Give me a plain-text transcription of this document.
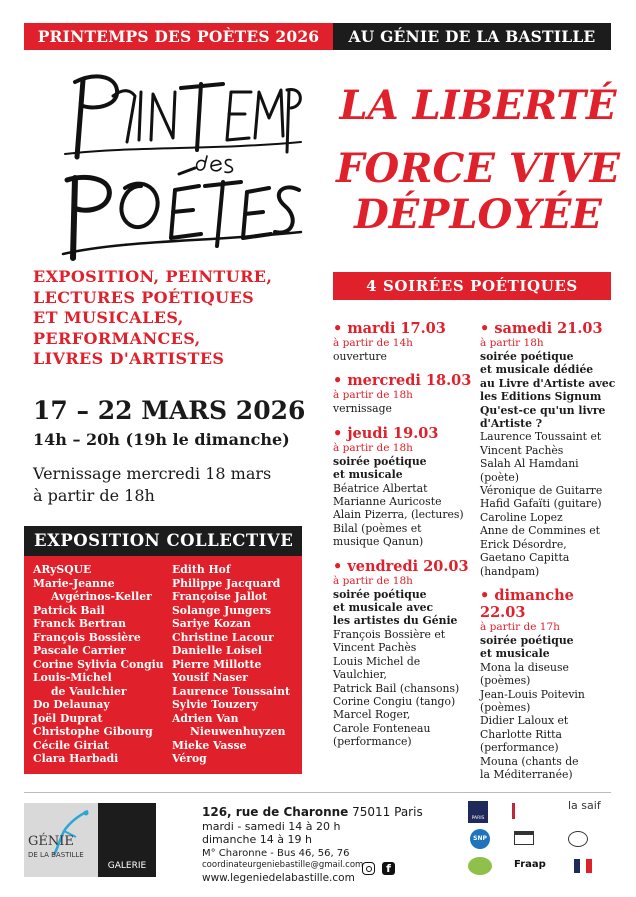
PRINTEMPS DES POÈTES 2026	AU GÉNIE DE LA BASTILLE
LA LIBERTÉ
FORCE VIVE
DÉPLOYÉE
EXPOSITION, PEINTURE,
LECTURES POÉTIQUES
ET MUSICALES,
PERFORMANCES,
LIVRES D'ARTISTES
17 – 22 MARS 2026
14h – 20h (19h le dimanche)
Vernissage mercredi 18 mars
à partir de 18h
4 SOIRÉES POÉTIQUES
• mardi 17.03
à partir de 14h
ouverture
• mercredi 18.03
à partir de 18h
vernissage
• jeudi 19.03
à partir de 18h
soirée poétique
et musicale
Béatrice Albertat
Marianne Auricoste
Alain Pizerra, (lectures)
Bilal (poèmes et
musique Qanun)
• vendredi 20.03
à partir de 18h
soirée poétique
et musicale avec
les artistes du Génie
François Bossière et
Vincent Pachès
Louis Michel de
Vaulchier,
Patrick Bail (chansons)
Corine Congiu (tango)
Marcel Roger,
Carole Fonteneau
(performance)
• samedi 21.03
à partir 18h
soirée poétique
et musicale dédiée
au Livre d'Artiste avec
les Editions Signum
Qu'est-ce qu'un livre
d'Artiste ?
Laurence Toussaint et
Vincent Pachès
Salah Al Hamdani
(poète)
Véronique de Guitarre
Hafid Gafaïti (guitare)
Caroline Lopez
Anne de Commines et
Erick Désordre,
Gaetano Capitta
(handpam)
• dimanche 22.03
à partir de 17h
soirée poétique
et musicale
Mona la diseuse
(poèmes)
Jean-Louis Poitevin
(poèmes)
Didier Laloux et
Charlotte Ritta
(performance)
Mouna (chants de
la Méditerranée)
EXPOSITION COLLECTIVE
ARySQUE
Marie-Jeanne
Avgérinos-Keller
Patrick Bail
Franck Bertran
François Bossière
Pascale Carrier
Corine Sylivia Congiu
Louis-Michel
de Vaulchier
Do Delaunay
Joël Duprat
Christophe Gibourg
Cécile Giriat
Clara Harbadi
Edith Hof
Philippe Jacquard
Françoise Jallot
Solange Jungers
Sariye Kozan
Christine Lacour
Danielle Loisel
Pierre Millotte
Yousif Naser
Laurence Toussaint
Sylvie Touzery
Adrien Van
Nieuwenhuyzen
Mieke Vasse
Vérog
GÉNIE
DE LA BASTILLE
GALERIE
126, rue de Charonne 75011 Paris
mardi - samedi 14 à 20 h
dimanche 14 à 19 h
M° Charonne - Bus 46, 56, 76
coordinateurgeniebastille@gmail.com
www.legeniedelabastille.com
f
PARIS
la saif
SNP
Fraap
